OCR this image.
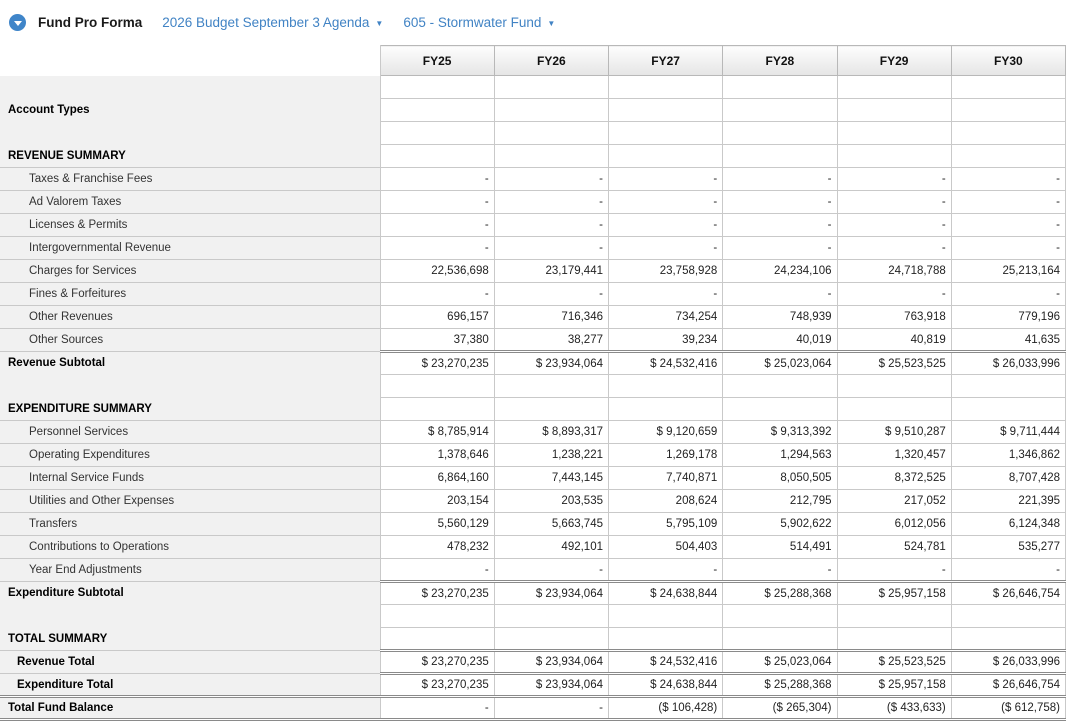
Fund Pro Forma 2026 Budget September 3 Agenda ▼ 605 - Stormwater Fund ▼
	FY25	FY26	FY27	FY28	FY29	FY30

Account Types						

REVENUE SUMMARY						
Taxes & Franchise Fees	-	-	-	-	-	-
Ad Valorem Taxes	-	-	-	-	-	-
Licenses & Permits	-	-	-	-	-	-
Intergovernmental Revenue	-	-	-	-	-	-
Charges for Services	22,536,698	23,179,441	23,758,928	24,234,106	24,718,788	25,213,164
Fines & Forfeitures	-	-	-	-	-	-
Other Revenues	696,157	716,346	734,254	748,939	763,918	779,196
Other Sources	37,380	38,277	39,234	40,019	40,819	41,635
Revenue Subtotal	$ 23,270,235	$ 23,934,064	$ 24,532,416	$ 25,023,064	$ 25,523,525	$ 26,033,996

EXPENDITURE SUMMARY						
Personnel Services	$ 8,785,914	$ 8,893,317	$ 9,120,659	$ 9,313,392	$ 9,510,287	$ 9,711,444
Operating Expenditures	1,378,646	1,238,221	1,269,178	1,294,563	1,320,457	1,346,862
Internal Service Funds	6,864,160	7,443,145	7,740,871	8,050,505	8,372,525	8,707,428
Utilities and Other Expenses	203,154	203,535	208,624	212,795	217,052	221,395
Transfers	5,560,129	5,663,745	5,795,109	5,902,622	6,012,056	6,124,348
Contributions to Operations	478,232	492,101	504,403	514,491	524,781	535,277
Year End Adjustments	-	-	-	-	-	-
Expenditure Subtotal	$ 23,270,235	$ 23,934,064	$ 24,638,844	$ 25,288,368	$ 25,957,158	$ 26,646,754

TOTAL SUMMARY						
Revenue Total	$ 23,270,235	$ 23,934,064	$ 24,532,416	$ 25,023,064	$ 25,523,525	$ 26,033,996
Expenditure Total	$ 23,270,235	$ 23,934,064	$ 24,638,844	$ 25,288,368	$ 25,957,158	$ 26,646,754
Total Fund Balance	-	-	($ 106,428)	($ 265,304)	($ 433,633)	($ 612,758)
